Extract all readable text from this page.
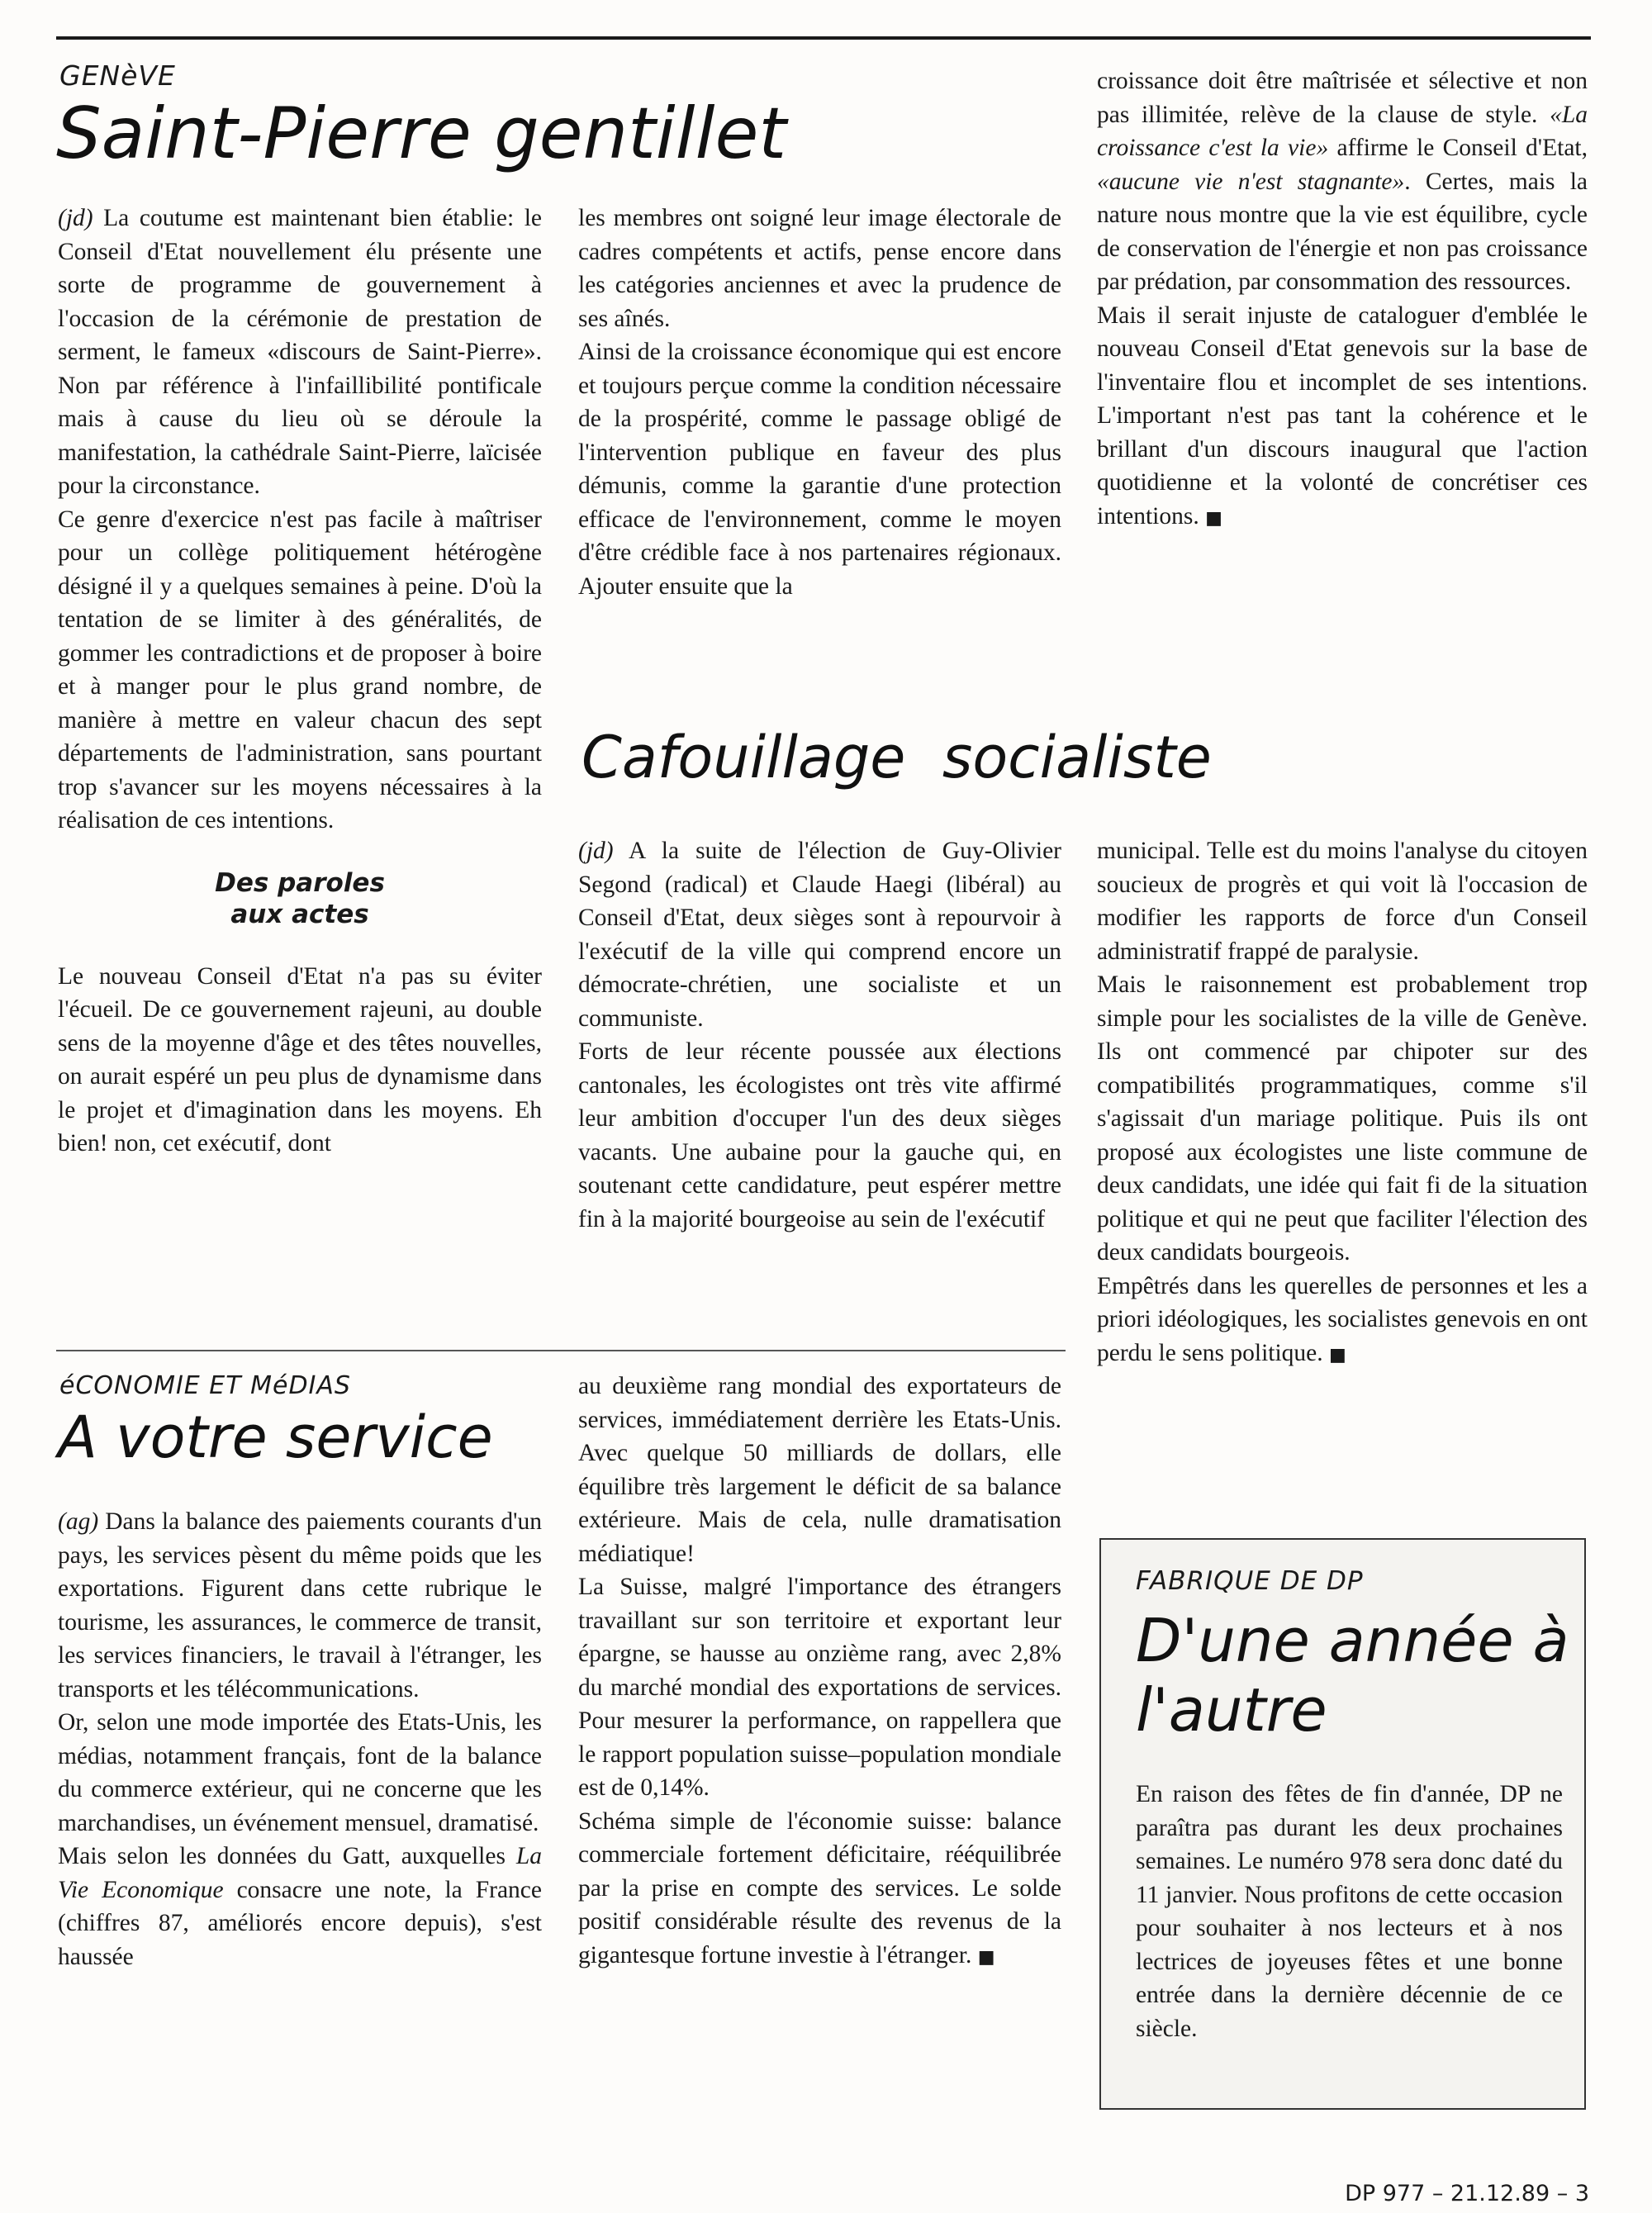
GENèVE
Saint-Pierre gentillet

(jd) La coutume est maintenant bien établie: le Conseil d'Etat nouvellement élu présente une sorte de programme de gouvernement à l'occasion de la cérémonie de prestation de serment, le fameux «discours de Saint-Pierre». Non par référence à l'infaillibilité pontificale mais à cause du lieu où se déroule la manifestation, la cathédrale Saint-Pierre, laïcisée pour la circonstance.

Ce genre d'exercice n'est pas facile à maîtriser pour un collège politiquement hétérogène désigné il y a quelques semaines à peine. D'où la tentation de se limiter à des généralités, de gommer les contradictions et de proposer à boire et à manger pour le plus grand nombre, de manière à mettre en valeur chacun des sept départements de l'administration, sans pourtant trop s'avancer sur les moyens nécessaires à la réalisation de ces intentions.

Des paroles
aux actes

Le nouveau Conseil d'Etat n'a pas su éviter l'écueil. De ce gouvernement rajeuni, au double sens de la moyenne d'âge et des têtes nouvelles, on aurait espéré un peu plus de dynamisme dans le projet et d'imagination dans les moyens. Eh bien! non, cet exécutif, dont

les membres ont soigné leur image électorale de cadres compétents et actifs, pense encore dans les catégories anciennes et avec la prudence de ses aînés.

Ainsi de la croissance économique qui est encore et toujours perçue comme la condition nécessaire de la prospérité, comme le passage obligé de l'intervention publique en faveur des plus démunis, comme la garantie d'une protection efficace de l'environnement, comme le moyen d'être crédible face à nos partenaires régionaux. Ajouter ensuite que la

croissance doit être maîtrisée et sélective et non pas illimitée, relève de la clause de style. «La croissance c'est la vie» affirme le Conseil d'Etat, «aucune vie n'est stagnante». Certes, mais la nature nous montre que la vie est équilibre, cycle de conservation de l'énergie et non pas croissance par prédation, par consommation des ressources.

Mais il serait injuste de cataloguer d'emblée le nouveau Conseil d'Etat genevois sur la base de l'inventaire flou et incomplet de ses intentions. L'important n'est pas tant la cohérence et le brillant d'un discours inaugural que l'action quotidienne et la volonté de concrétiser ces intentions. ■

Cafouillage  socialiste

(jd) A la suite de l'élection de Guy-Olivier Segond (radical) et Claude Haegi (libéral) au Conseil d'Etat, deux sièges sont à repourvoir à l'exécutif de la ville qui comprend encore un démocrate-chrétien, une socialiste et un communiste.

Forts de leur récente poussée aux élections cantonales, les écologistes ont très vite affirmé leur ambition d'occuper l'un des deux sièges vacants. Une aubaine pour la gauche qui, en soutenant cette candidature, peut espérer mettre fin à la majorité bourgeoise au sein de l'exécutif

municipal. Telle est du moins l'analyse du citoyen soucieux de progrès et qui voit là l'occasion de modifier les rapports de force d'un Conseil administratif frappé de paralysie.

Mais le raisonnement est probablement trop simple pour les socialistes de la ville de Genève. Ils ont commencé par chipoter sur des compatibilités programmatiques, comme s'il s'agissait d'un mariage politique. Puis ils ont proposé aux écologistes une liste commune de deux candidats, une idée qui fait fi de la situation politique et qui ne peut que faciliter l'élection des deux candidats bourgeois.

Empêtrés dans les querelles de personnes et les a priori idéologiques, les socialistes genevois en ont perdu le sens politique. ■

éCONOMIE ET MéDIAS
A votre service

(ag) Dans la balance des paiements courants d'un pays, les services pèsent du même poids que les exportations. Figurent dans cette rubrique le tourisme, les assurances, le commerce de transit, les services financiers, le travail à l'étranger, les transports et les télécommunications.

Or, selon une mode importée des Etats-Unis, les médias, notamment français, font de la balance du commerce extérieur, qui ne concerne que les marchandises, un événement mensuel, dramatisé.

Mais selon les données du Gatt, auxquelles La Vie Economique consacre une note, la France (chiffres 87, améliorés encore depuis), s'est haussée

au deuxième rang mondial des exportateurs de services, immédiatement derrière les Etats-Unis. Avec quelque 50 milliards de dollars, elle équilibre très largement le déficit de sa balance extérieure. Mais de cela, nulle dramatisation médiatique!

La Suisse, malgré l'importance des étrangers travaillant sur son territoire et exportant leur épargne, se hausse au onzième rang, avec 2,8% du marché mondial des exportations de services. Pour mesurer la performance, on rappellera que le rapport population suisse–population mondiale est de 0,14%.

Schéma simple de l'économie suisse: balance commerciale fortement déficitaire, rééquilibrée par la prise en compte des services. Le solde positif considérable résulte des revenus de la gigantesque fortune investie à l'étranger. ■

FABRIQUE DE DP
D'une année à l'autre

En raison des fêtes de fin d'année, DP ne paraîtra pas durant les deux prochaines semaines. Le numéro 978 sera donc daté du 11 janvier. Nous profitons de cette occasion pour souhaiter à nos lecteurs et à nos lectrices de joyeuses fêtes et une bonne entrée dans la dernière décennie de ce siècle.

DP 977 – 21.12.89 – 3
